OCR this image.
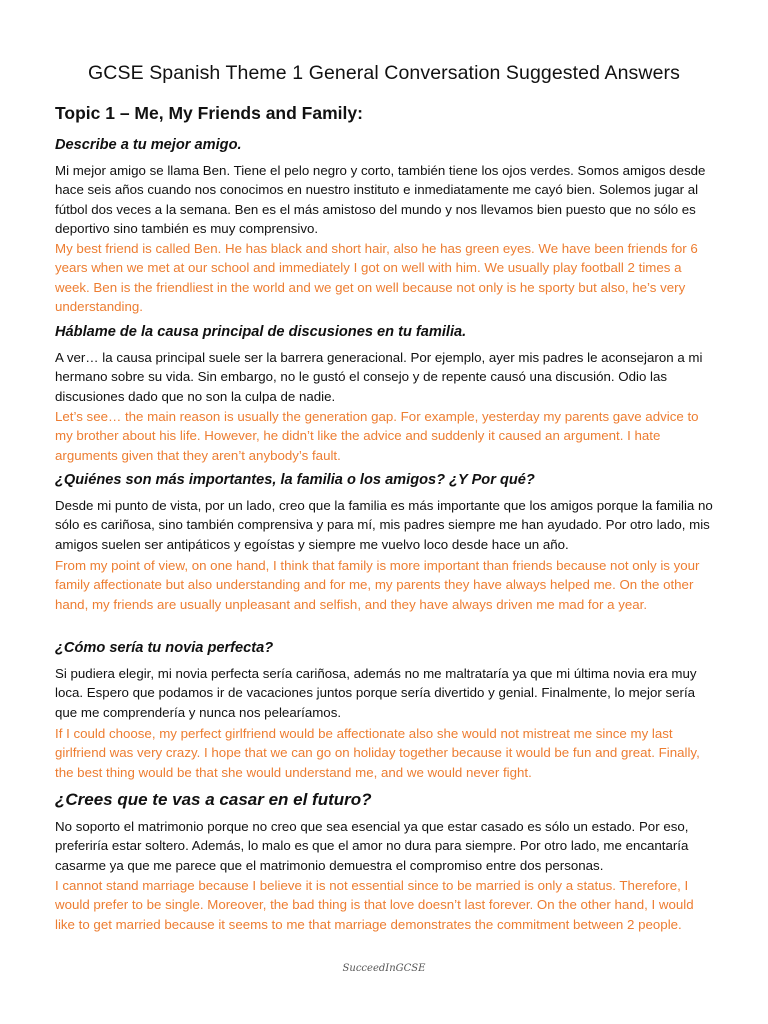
GCSE Spanish Theme 1 General Conversation Suggested Answers
Topic 1 – Me, My Friends and Family:
Describe a tu mejor amigo.

Mi mejor amigo se llama Ben. Tiene el pelo negro y corto, también tiene los ojos verdes. Somos amigos desde hace seis años cuando nos conocimos en nuestro instituto e inmediatamente me cayó bien. Solemos jugar al fútbol dos veces a la semana. Ben es el más amistoso del mundo y nos llevamos bien puesto que no sólo es deportivo sino también es muy comprensivo.

My best friend is called Ben. He has black and short hair, also he has green eyes. We have been friends for 6 years when we met at our school and immediately I got on well with him. We usually play football 2 times a week. Ben is the friendliest in the world and we get on well because not only is he sporty but also, he’s very understanding.

Háblame de la causa principal de discusiones en tu familia.

A ver… la causa principal suele ser la barrera generacional. Por ejemplo, ayer mis padres le aconsejaron a mi hermano sobre su vida. Sin embargo, no le gustó el consejo y de repente causó una discusión. Odio las discusiones dado que no son la culpa de nadie.

Let’s see… the main reason is usually the generation gap. For example, yesterday my parents gave advice to my brother about his life. However, he didn’t like the advice and suddenly it caused an argument. I hate arguments given that they aren’t anybody’s fault.

¿Quiénes son más importantes, la familia o los amigos? ¿Y Por qué?

Desde mi punto de vista, por un lado, creo que la familia es más importante que los amigos porque la familia no sólo es cariñosa, sino también comprensiva y para mí, mis padres siempre me han ayudado. Por otro lado, mis amigos suelen ser antipáticos y egoístas y siempre me vuelvo loco desde hace un año.

From my point of view, on one hand, I think that family is more important than friends because not only is your family affectionate but also understanding and for me, my parents they have always helped me. On the other hand, my friends are usually unpleasant and selfish, and they have always driven me mad for a year.

¿Cómo sería tu novia perfecta?

Si pudiera elegir, mi novia perfecta sería cariñosa, además no me maltrataría ya que mi última novia era muy loca. Espero que podamos ir de vacaciones juntos porque sería divertido y genial. Finalmente, lo mejor sería que me comprendería y nunca nos pelearíamos.

If I could choose, my perfect girlfriend would be affectionate also she would not mistreat me since my last girlfriend was very crazy. I hope that we can go on holiday together because it would be fun and great. Finally, the best thing would be that she would understand me, and we would never fight.

¿Crees que te vas a casar en el futuro?

No soporto el matrimonio porque no creo que sea esencial ya que estar casado es sólo un estado. Por eso, preferiría estar soltero. Además, lo malo es que el amor no dura para siempre. Por otro lado, me encantaría casarme ya que me parece que el matrimonio demuestra el compromiso entre dos personas.

I cannot stand marriage because I believe it is not essential since to be married is only a status. Therefore, I would prefer to be single. Moreover, the bad thing is that love doesn’t last forever. On the other hand, I would like to get married because it seems to me that marriage demonstrates the commitment between 2 people.

SucceedInGCSE
